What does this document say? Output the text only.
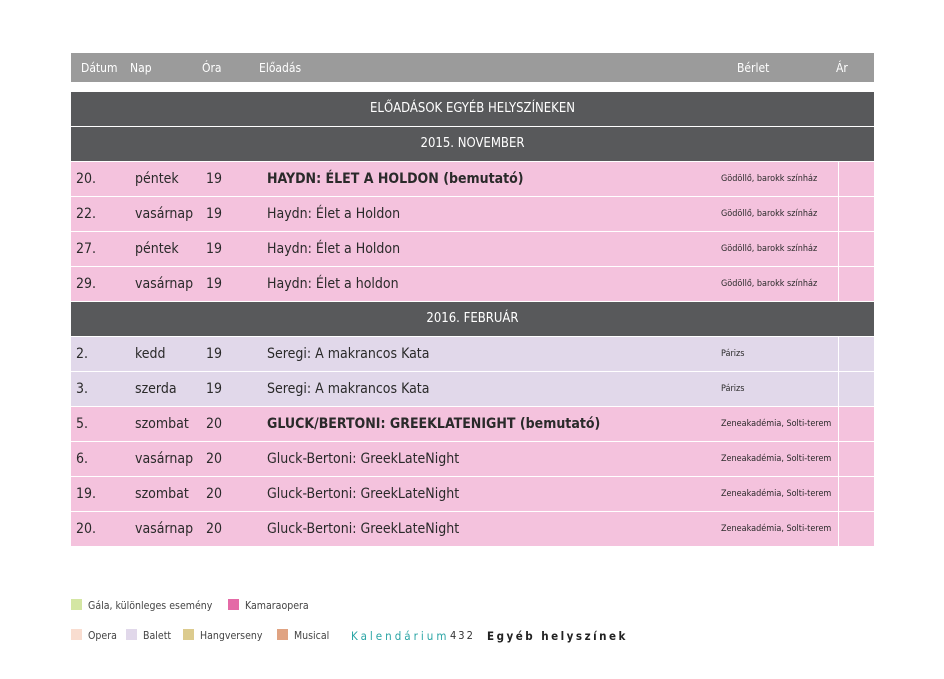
Dátum Nap	Óra	Előadás	Bérlet	Ár
ELŐADÁSOK EGYÉB HELYSZÍNEKEN
2015. NOVEMBER
20.	péntek 19	HAYDN: ÉLET A HOLDON (bemutató)	Gödöllő, barokk színház
22.	vasárnap 19	Haydn: Élet a Holdon	Gödöllő, barokk színház
27.	péntek 19	Haydn: Élet a Holdon	Gödöllő, barokk színház
29.	vasárnap 19	Haydn: Élet a holdon	Gödöllő, barokk színház
2016. FEBRUÁR
2.	kedd	19	Seregi: A makrancos Kata	Párizs
3.	szerda 19	Seregi: A makrancos Kata	Párizs
5.	szombat 20	GLUCK/BERTONI: GREEKLATENIGHT (bemutató)	Zeneakadémia, Solti-terem
6.	vasárnap 20	Gluck-Bertoni: GreekLateNight	Zeneakadémia, Solti-terem
19.	szombat 20	Gluck-Bertoni: GreekLateNight	Zeneakadémia, Solti-terem
20.	vasárnap 20	Gluck-Bertoni: GreekLateNight	Zeneakadémia, Solti-terem
Gála, különleges esemény	Kamaraopera
Opera	Balett	Hangverseny	Musical Kalendárium 432 Egyéb helyszínek
